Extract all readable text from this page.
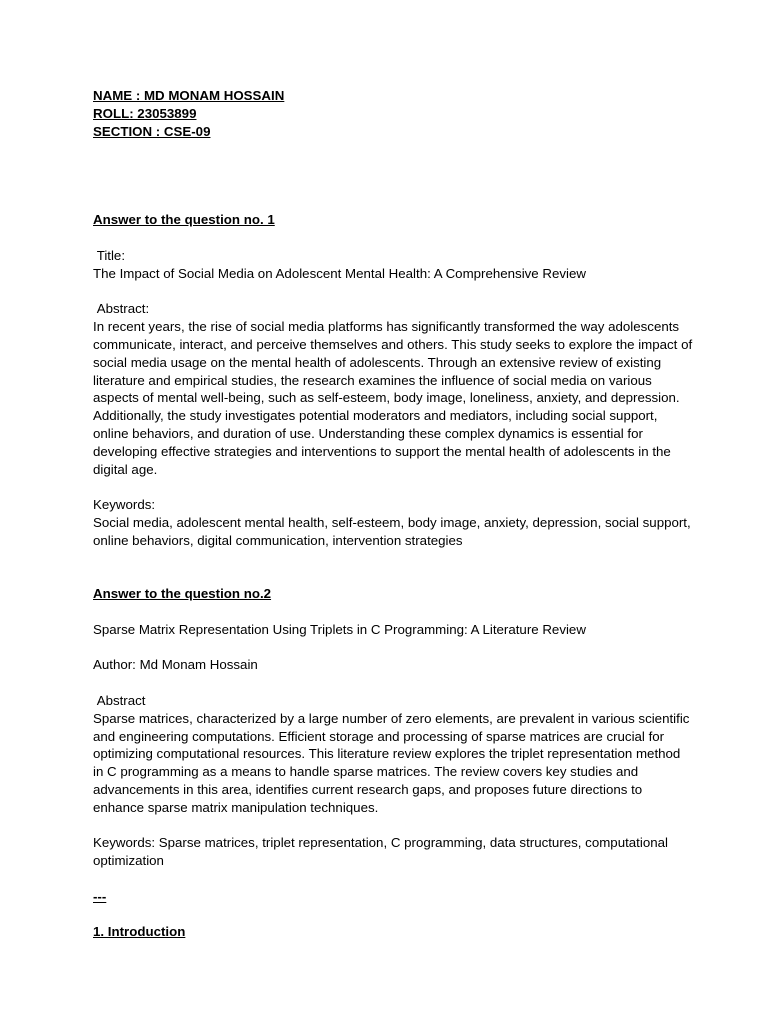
NAME : MD MONAM HOSSAIN
ROLL: 23053899
SECTION : CSE-09
Answer to the question no. 1
Title:
The Impact of Social Media on Adolescent Mental Health: A Comprehensive Review
Abstract:
In recent years, the rise of social media platforms has significantly transformed the way adolescents communicate, interact, and perceive themselves and others. This study seeks to explore the impact of social media usage on the mental health of adolescents. Through an extensive review of existing literature and empirical studies, the research examines the influence of social media on various aspects of mental well-being, such as self-esteem, body image, loneliness, anxiety, and depression. Additionally, the study investigates potential moderators and mediators, including social support, online behaviors, and duration of use. Understanding these complex dynamics is essential for developing effective strategies and interventions to support the mental health of adolescents in the digital age.
Keywords:
Social media, adolescent mental health, self-esteem, body image, anxiety, depression, social support, online behaviors, digital communication, intervention strategies
Answer to the question no.2
Sparse Matrix Representation Using Triplets in C Programming: A Literature Review
Author: Md Monam Hossain
Abstract
Sparse matrices, characterized by a large number of zero elements, are prevalent in various scientific and engineering computations. Efficient storage and processing of sparse matrices are crucial for optimizing computational resources. This literature review explores the triplet representation method in C programming as a means to handle sparse matrices. The review covers key studies and advancements in this area, identifies current research gaps, and proposes future directions to enhance sparse matrix manipulation techniques.
Keywords: Sparse matrices, triplet representation, C programming, data structures, computational optimization
---
1. Introduction
